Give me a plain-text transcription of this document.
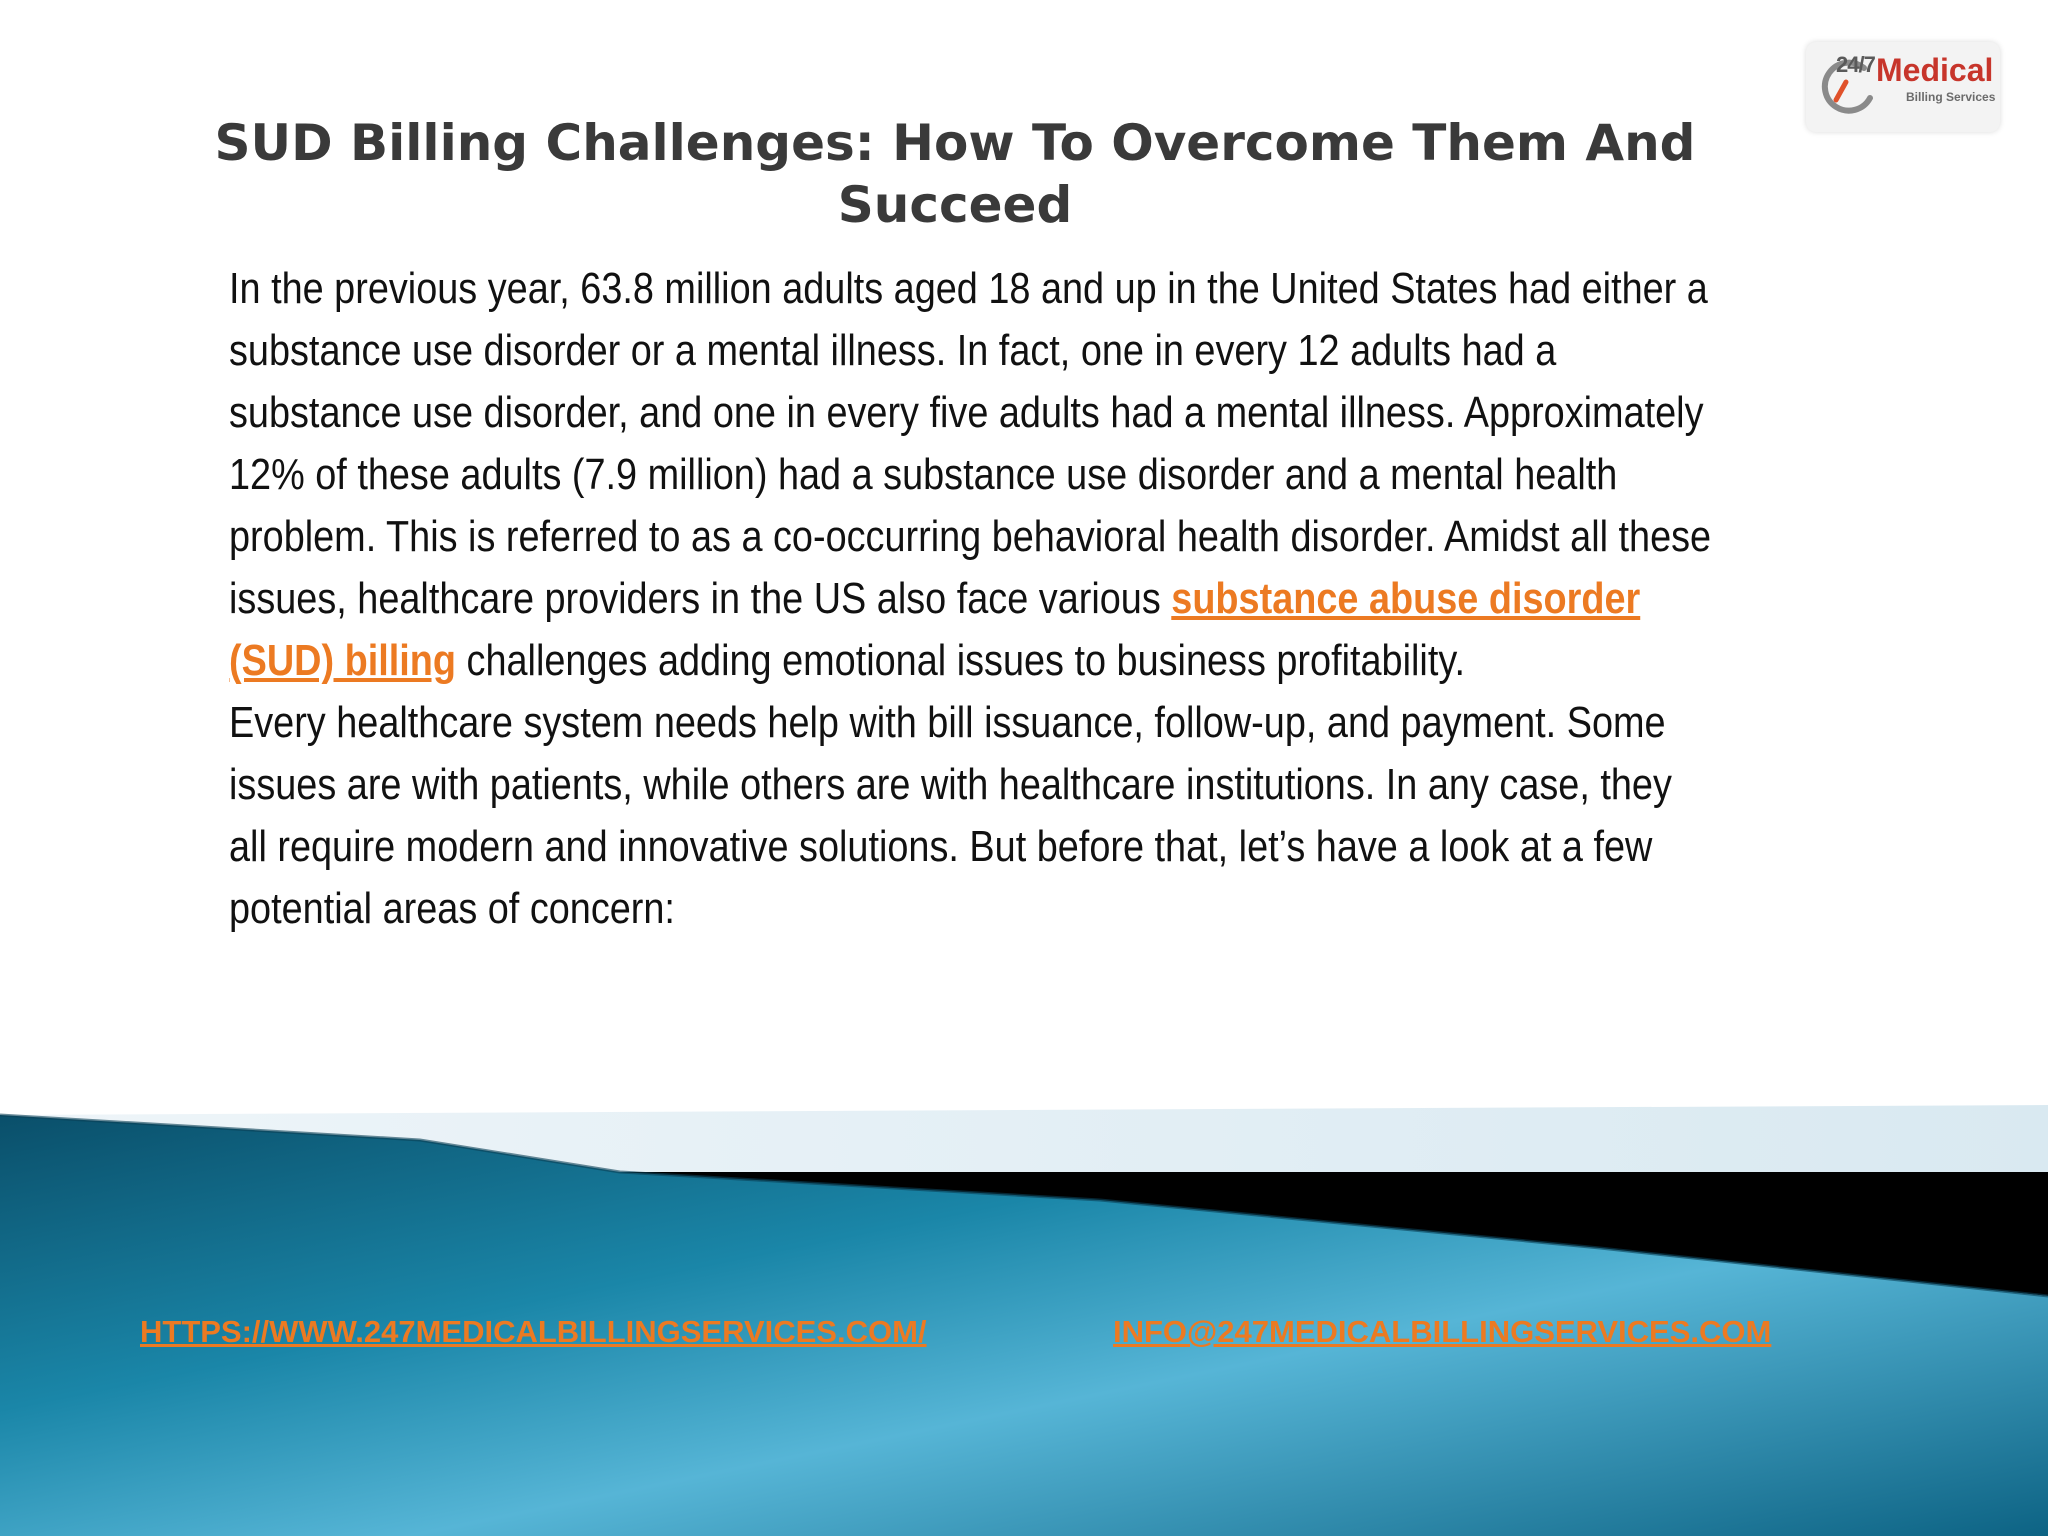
24/7 Medical
Billing Services
SUD Billing Challenges: How To Overcome Them And
Succeed

In the previous year, 63.8 million adults aged 18 and up in the United States had either a
substance use disorder or a mental illness. In fact, one in every 12 adults had a
substance use disorder, and one in every five adults had a mental illness. Approximately
12% of these adults (7.9 million) had a substance use disorder and a mental health
problem. This is referred to as a co-occurring behavioral health disorder. Amidst all these
issues, healthcare providers in the US also face various substance abuse disorder
(SUD) billing challenges adding emotional issues to business profitability.

Every healthcare system needs help with bill issuance, follow-up, and payment. Some
issues are with patients, while others are with healthcare institutions. In any case, they
all require modern and innovative solutions. But before that, let’s have a look at a few
potential areas of concern:

HTTPS://WWW.247MEDICALBILLINGSERVICES.COM/	INFO@247MEDICALBILLINGSERVICES.COM
